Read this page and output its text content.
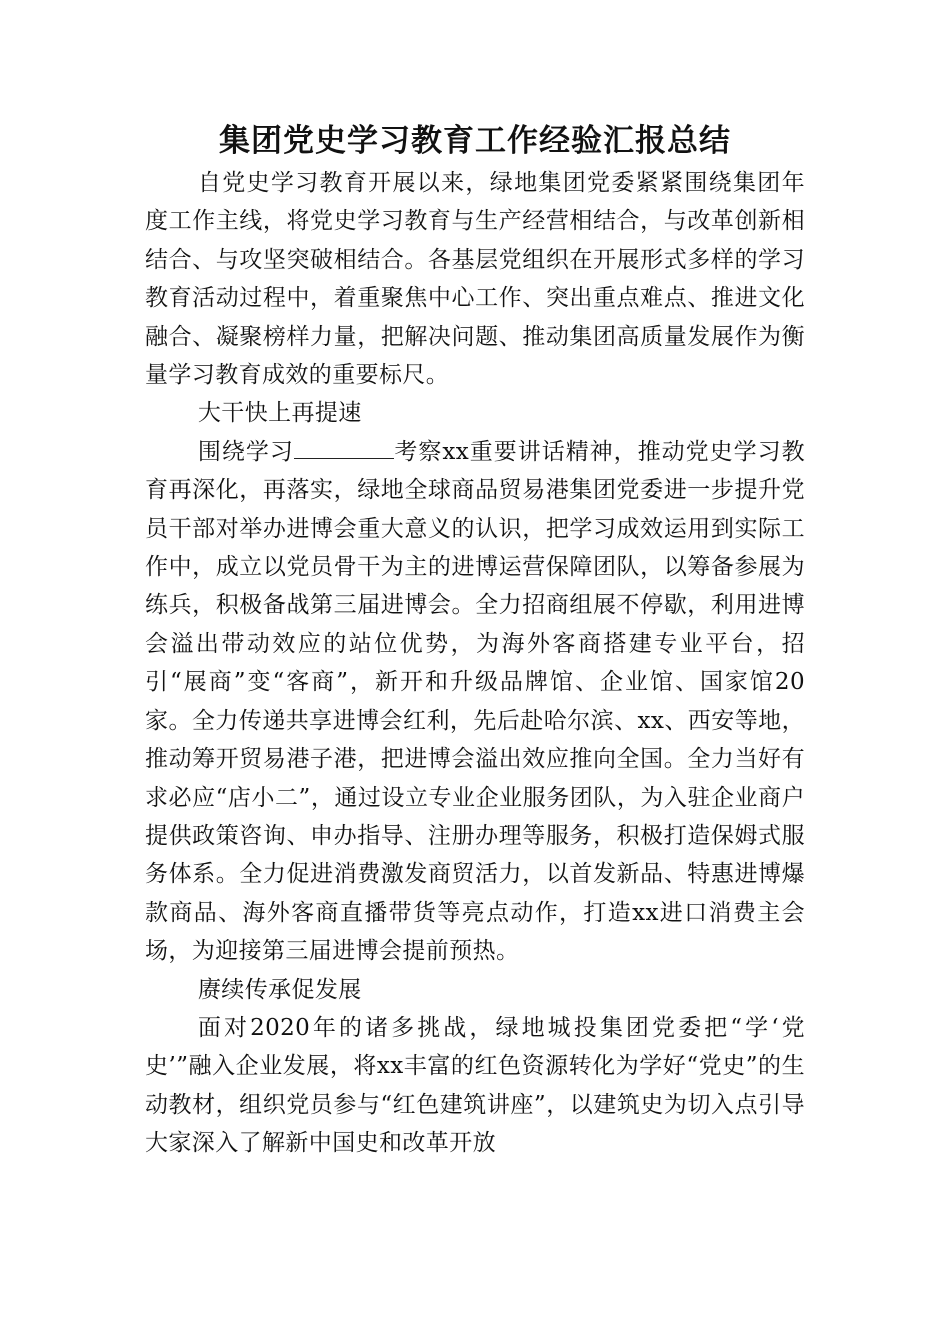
集团党史学习教育工作经验汇报总结

自党史学习教育开展以来，绿地集团党委紧紧围绕集团年度工作主线，将党史学习教育与生产经营相结合，与改革创新相结合、与攻坚突破相结合。各基层党组织在开展形式多样的学习教育活动过程中，着重聚焦中心工作、突出重点难点、推进文化融合、凝聚榜样力量，把解决问题、推动集团高质量发展作为衡量学习教育成效的重要标尺。

大干快上再提速

围绕学习	考察xx重要讲话精神，推动党史学习教育再深化，再落实，绿地全球商品贸易港集团党委进一步提升党员干部对举办进博会重大意义的认识，把学习成效运用到实际工作中，成立以党员骨干为主的进博运营保障团队，以筹备参展为练兵，积极备战第三届进博会。全力招商组展不停歇，利用进博会溢出带动效应的站位优势，为海外客商搭建专业平台，招引“展商”变“客商”，新开和升级品牌馆、企业馆、国家馆20家。全力传递共享进博会红利，先后赴哈尔滨、xx、西安等地，推动筹开贸易港子港，把进博会溢出效应推向全国。全力当好有求必应“店小二”，通过设立专业企业服务团队，为入驻企业商户提供政策咨询、申办指导、注册办理等服务，积极打造保姆式服务体系。全力促进消费激发商贸活力，以首发新品、特惠进博爆款商品、海外客商直播带货等亮点动作，打造xx进口消费主会场，为迎接第三届进博会提前预热。

赓续传承促发展

面对2020年的诸多挑战，绿地城投集团党委把“学‘党史’”融入企业发展，将xx丰富的红色资源转化为学好“党史”的生动教材，组织党员参与“红色建筑讲座”，以建筑史为切入点引导大家深入了解新中国史和改革开放
